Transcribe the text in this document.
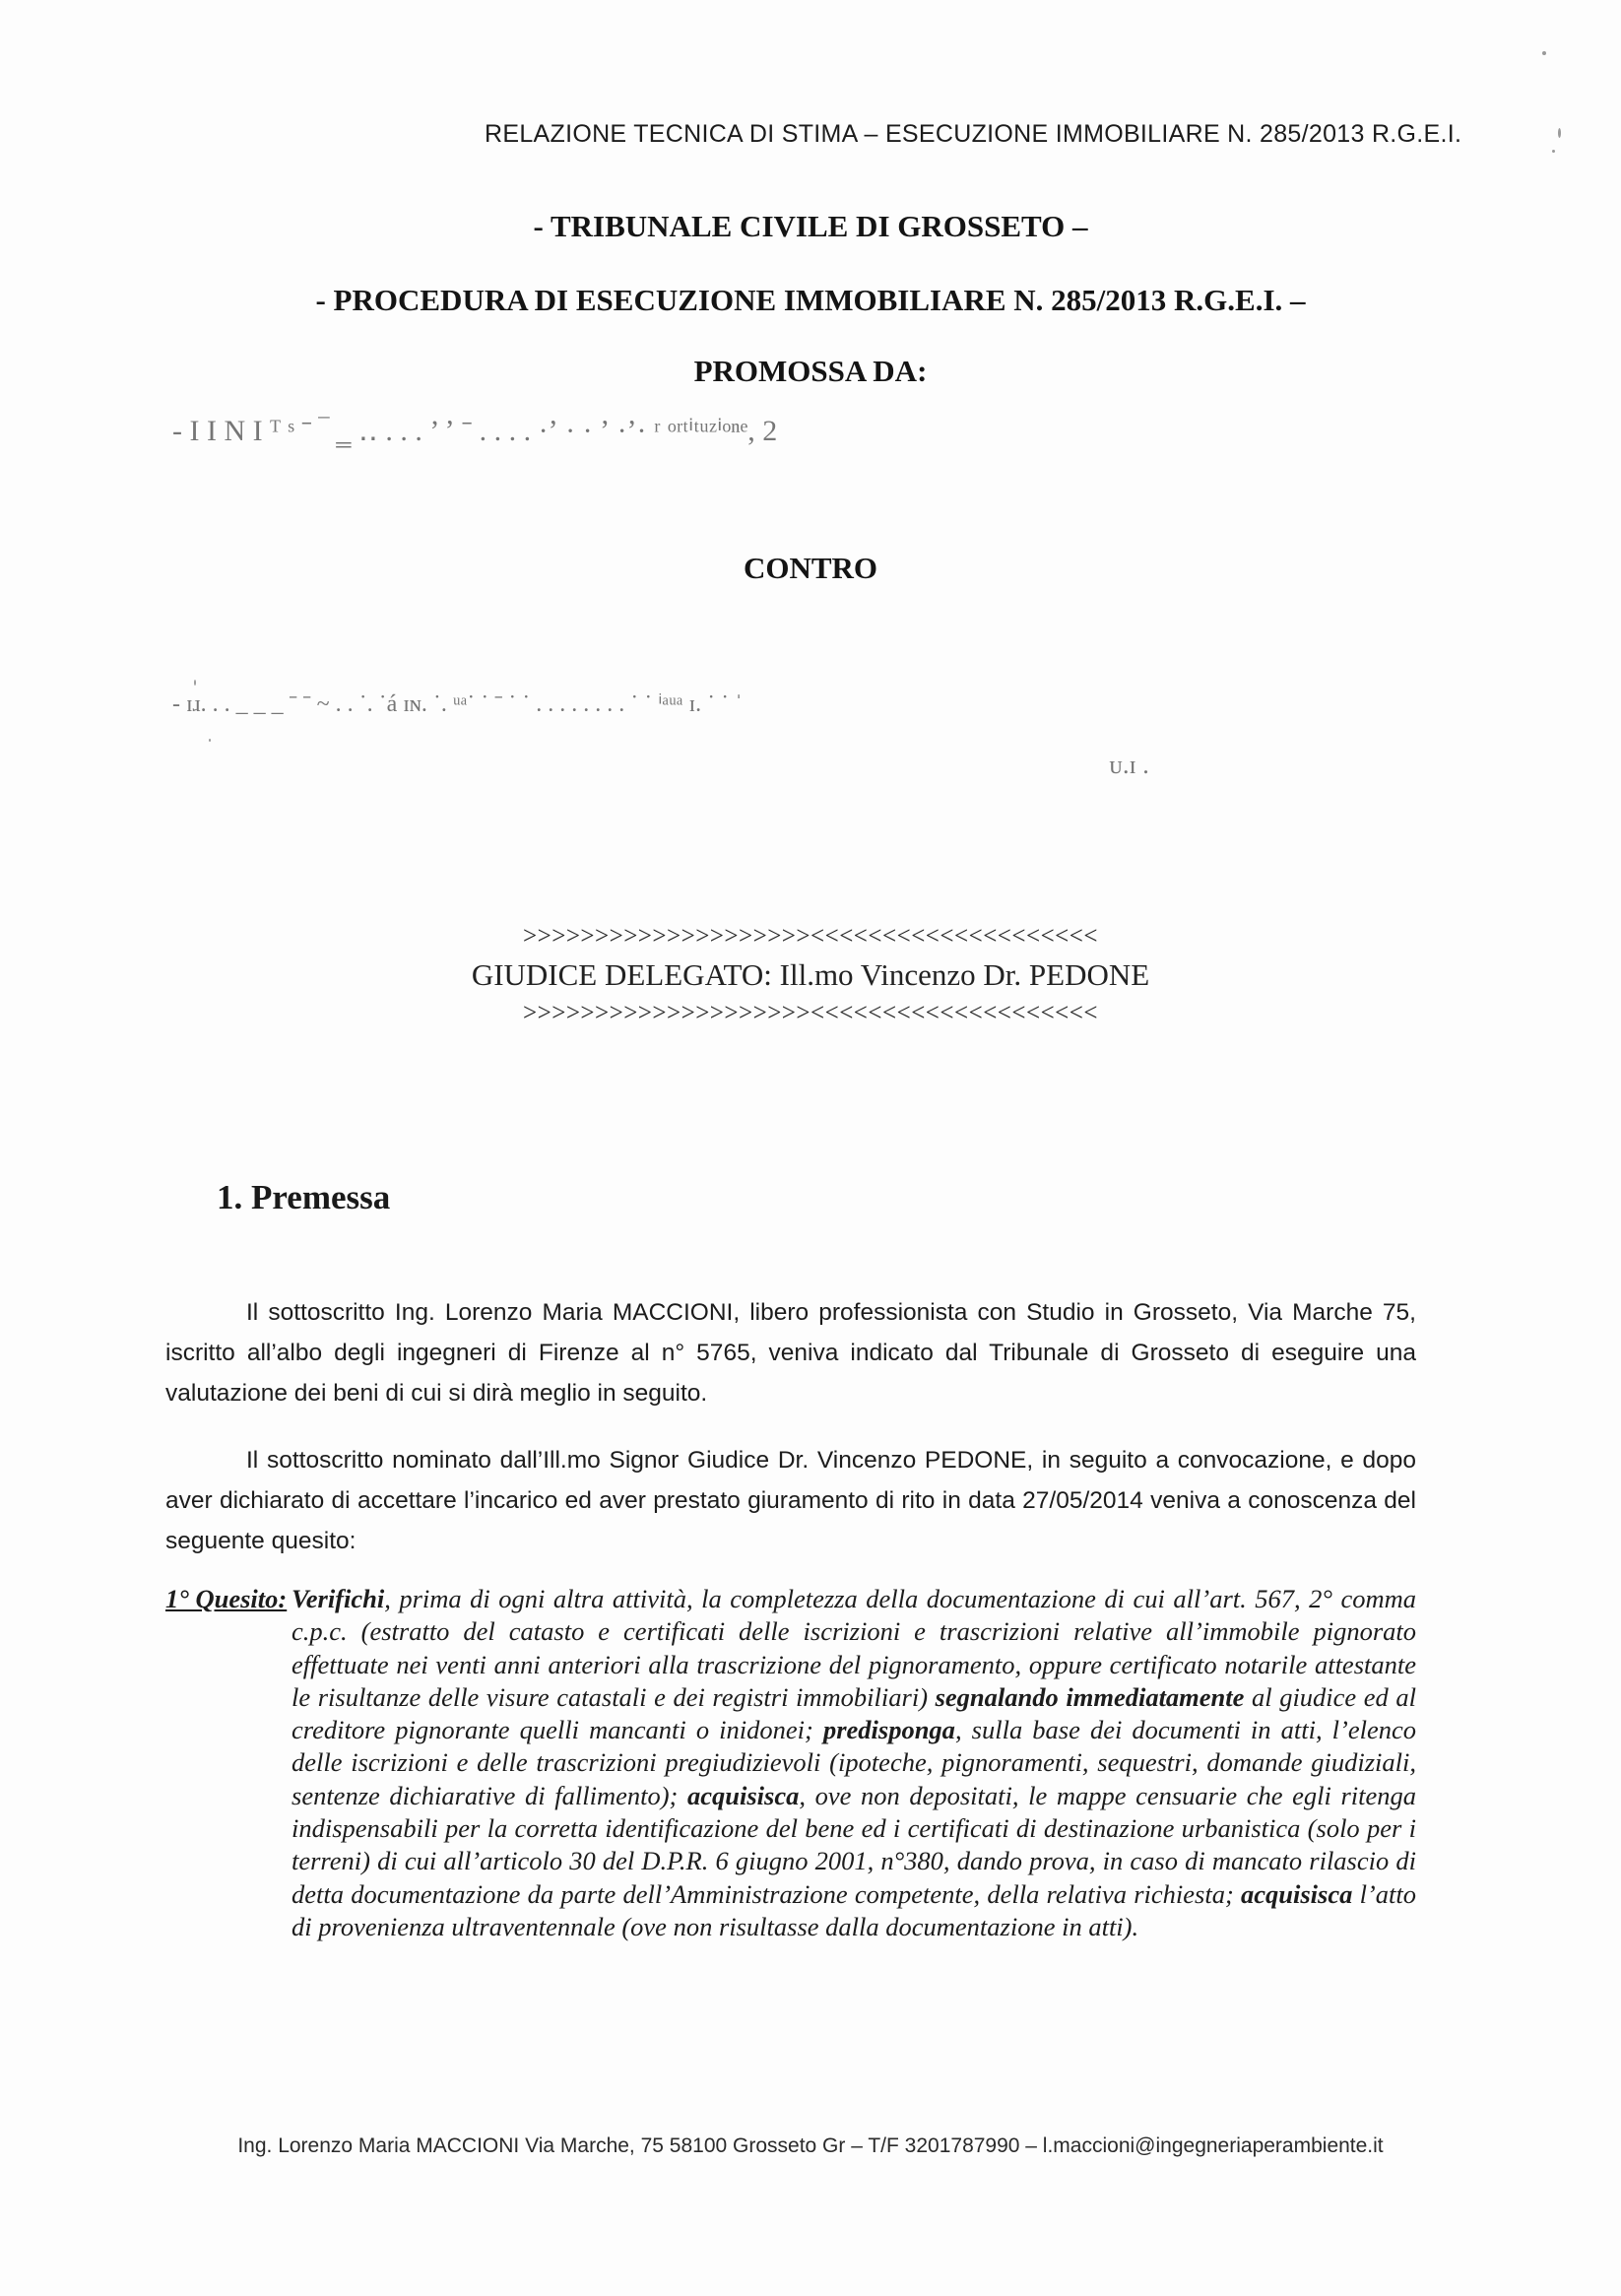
RELAZIONE TECNICA DI STIMA – ESECUZIONE IMMOBILIARE N. 285/2013 R.G.E.I.
- TRIBUNALE CIVILE DI GROSSETO –
- PROCEDURA DI ESECUZIONE IMMOBILIARE N. 285/2013 R.G.E.I. –
PROMOSSA DA:
- I I N I ᵀ ˢ ˉ ‾ ‗ ‥ . . . ’ ʼ ˉ . . . . ·ʼ · · ʼ ·ʼ· ʳ ᵒʳᵗⁱᵗᵘᶻⁱᵒⁿᵉ, 2
CONTRO
- ɪɹ. . . _ _ _ ˉ ˉ ~ . . ˙. ˙á ɪɴ. ˙. ᵘᵃ˙ ˙ ˉ ˙ ˙ . . . . . . . . ˙ ˙ ⁱᵃᵘᵃ ɪ. ˙ ˙ ˈ
ᴜ.ɪ .
>>>>>>>>>>>>>>>>>>>><<<<<<<<<<<<<<<<<<<<
GIUDICE DELEGATO: Ill.mo Vincenzo Dr. PEDONE
>>>>>>>>>>>>>>>>>>>><<<<<<<<<<<<<<<<<<<<
1. Premessa
Il sottoscritto Ing. Lorenzo Maria MACCIONI, libero professionista con Studio in Grosseto, Via Marche 75, iscritto all’albo degli ingegneri di Firenze al n° 5765, veniva indicato dal Tribunale di Grosseto di eseguire una valutazione dei beni di cui si dirà meglio in seguito.
Il sottoscritto nominato dall’Ill.mo Signor Giudice Dr. Vincenzo PEDONE, in seguito a convocazione, e dopo aver dichiarato di accettare l’incarico ed aver prestato giuramento di rito in data 27/05/2014 veniva a conoscenza del seguente quesito:
1° Quesito: Verifichi, prima di ogni altra attività, la completezza della documentazione di cui all’art. 567, 2° comma c.p.c. (estratto del catasto e certificati delle iscrizioni e trascrizioni relative all’immobile pignorato effettuate nei venti anni anteriori alla trascrizione del pignoramento, oppure certificato notarile attestante le risultanze delle visure catastali e dei registri immobiliari) segnalando immediatamente al giudice ed al creditore pignorante quelli mancanti o inidonei; predisponga, sulla base dei documenti in atti, l’elenco delle iscrizioni e delle trascrizioni pregiudizievoli (ipoteche, pignoramenti, sequestri, domande giudiziali, sentenze dichiarative di fallimento); acquisisca, ove non depositati, le mappe censuarie che egli ritenga indispensabili per la corretta identificazione del bene ed i certificati di destinazione urbanistica (solo per i terreni) di cui all’articolo 30 del D.P.R. 6 giugno 2001, n°380, dando prova, in caso di mancato rilascio di detta documentazione da parte dell’Amministrazione competente, della relativa richiesta; acquisisca l’atto di provenienza ultraventennale (ove non risultasse dalla documentazione in atti).
Ing. Lorenzo Maria MACCIONI Via Marche, 75 58100 Grosseto Gr – T/F 3201787990 – l.maccioni@ingegneriaperambiente.it
